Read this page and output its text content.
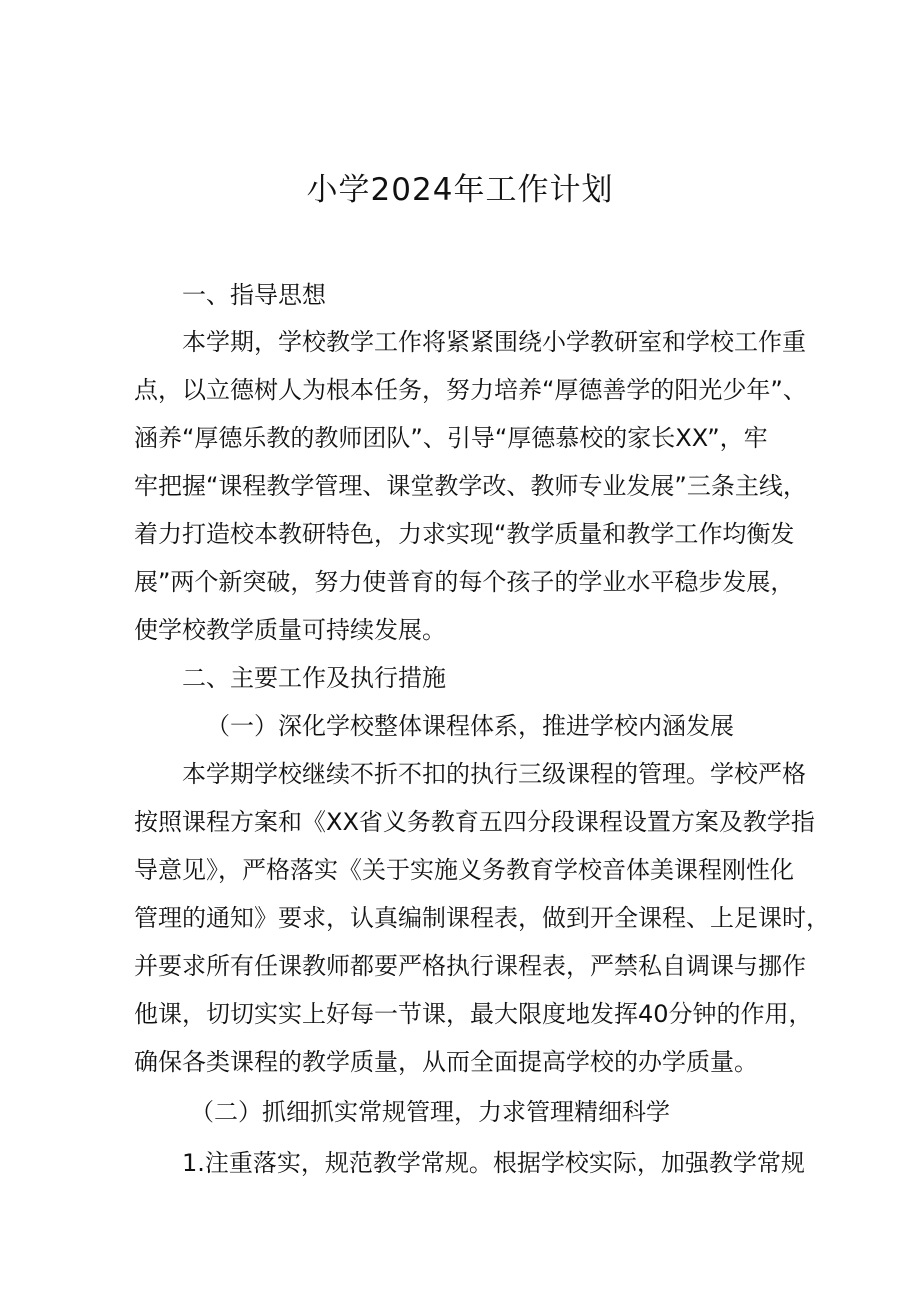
小学2024年工作计划

一、指导思想

本学期，学校教学工作将紧紧围绕小学教研室和学校工作重

点，以立德树人为根本任务，努力培养“厚德善学的阳光少年”、

涵养“厚德乐教的教师团队”、引导“厚德慕校的家长XX”，牢

牢把握“课程教学管理、课堂教学改、教师专业发展”三条主线，

着力打造校本教研特色，力求实现“教学质量和教学工作均衡发

展”两个新突破，努力使普育的每个孩子的学业水平稳步发展，

使学校教学质量可持续发展。

二、主要工作及执行措施

（一）深化学校整体课程体系，推进学校内涵发展

本学期学校继续不折不扣的执行三级课程的管理。学校严格

按照课程方案和《XX省义务教育五四分段课程设置方案及教学指

导意见》，严格落实《关于实施义务教育学校音体美课程刚性化

管理的通知》要求，认真编制课程表，做到开全课程、上足课时，

并要求所有任课教师都要严格执行课程表，严禁私自调课与挪作

他课，切切实实上好每一节课，最大限度地发挥40分钟的作用，

确保各类课程的教学质量，从而全面提高学校的办学质量。

（二）抓细抓实常规管理，力求管理精细科学

1.注重落实，规范教学常规。根据学校实际，加强教学常规
